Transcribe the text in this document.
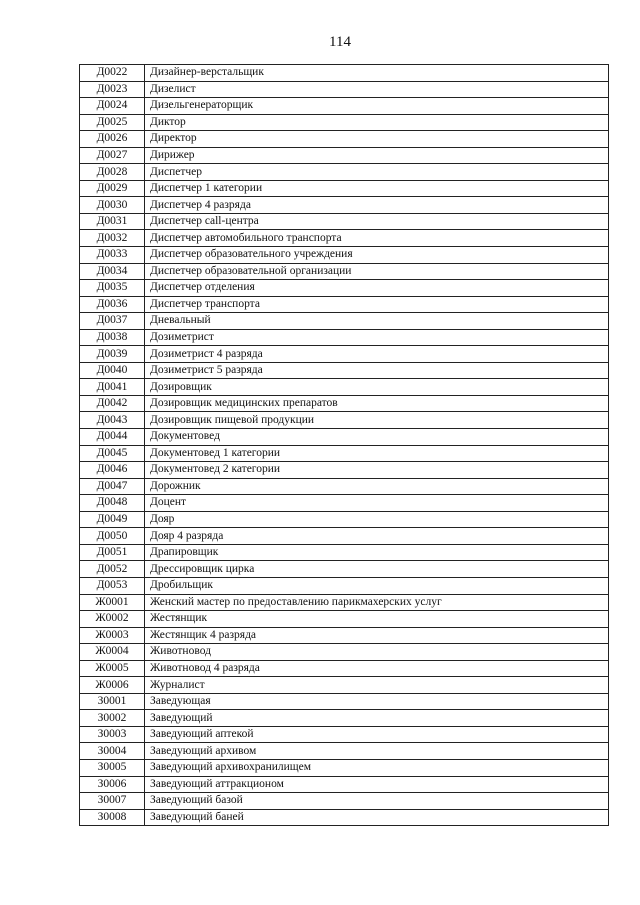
114
Д0022	Дизайнер-верстальщик
Д0023	Дизелист
Д0024	Дизельгенераторщик
Д0025	Диктор
Д0026	Директор
Д0027	Дирижер
Д0028	Диспетчер
Д0029	Диспетчер 1 категории
Д0030	Диспетчер 4 разряда
Д0031	Диспетчер call-центра
Д0032	Диспетчер автомобильного транспорта
Д0033	Диспетчер образовательного учреждения
Д0034	Диспетчер образовательной организации
Д0035	Диспетчер отделения
Д0036	Диспетчер транспорта
Д0037	Дневальный
Д0038	Дозиметрист
Д0039	Дозиметрист 4 разряда
Д0040	Дозиметрист 5 разряда
Д0041	Дозировщик
Д0042	Дозировщик медицинских препаратов
Д0043	Дозировщик пищевой продукции
Д0044	Документовед
Д0045	Документовед 1 категории
Д0046	Документовед 2 категории
Д0047	Дорожник
Д0048	Доцент
Д0049	Дояр
Д0050	Дояр 4 разряда
Д0051	Драпировщик
Д0052	Дрессировщик цирка
Д0053	Дробильщик
Ж0001	Женский мастер по предоставлению парикмахерских услуг
Ж0002	Жестянщик
Ж0003	Жестянщик 4 разряда
Ж0004	Животновод
Ж0005	Животновод 4 разряда
Ж0006	Журналист
З0001	Заведующая
З0002	Заведующий
З0003	Заведующий аптекой
З0004	Заведующий архивом
З0005	Заведующий архивохранилищем
З0006	Заведующий аттракционом
З0007	Заведующий базой
З0008	Заведующий баней
